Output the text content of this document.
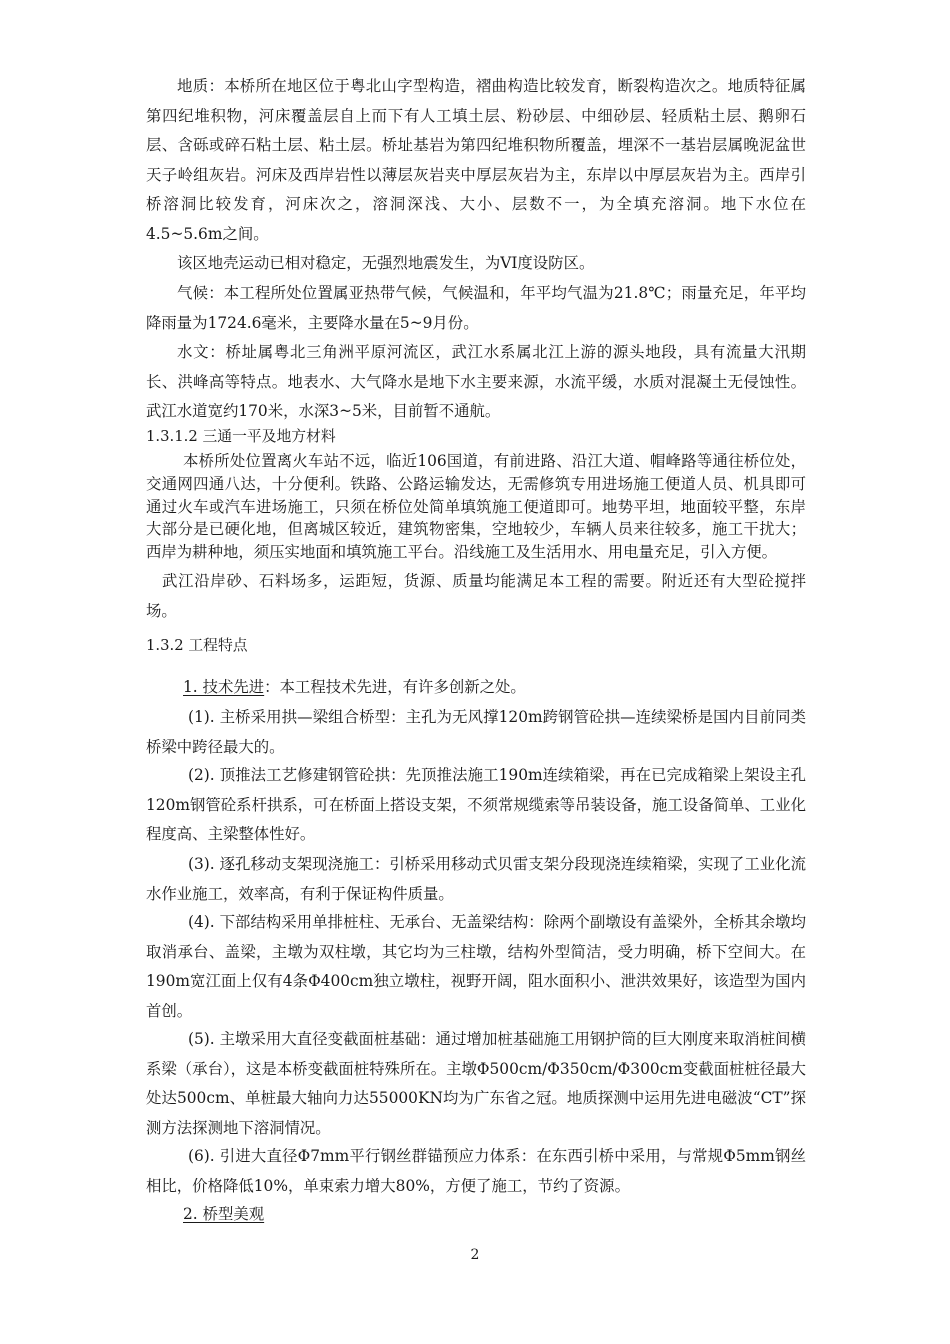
地质：本桥所在地区位于粤北山字型构造，褶曲构造比较发育，断裂构造次之。地质特征属第四纪堆积物，河床覆盖层自上而下有人工填土层、粉砂层、中细砂层、轻质粘土层、鹅卵石层、含砾或碎石粘土层、粘土层。桥址基岩为第四纪堆积物所覆盖，埋深不一基岩层属晚泥盆世天子岭组灰岩。河床及西岸岩性以薄层灰岩夹中厚层灰岩为主，东岸以中厚层灰岩为主。西岸引桥溶洞比较发育，河床次之，溶洞深浅、大小、层数不一，为全填充溶洞。地下水位在4.5~5.6m之间。

该区地壳运动已相对稳定，无强烈地震发生，为VI度设防区。

气候：本工程所处位置属亚热带气候，气候温和，年平均气温为21.8℃；雨量充足，年平均降雨量为1724.6毫米，主要降水量在5~9月份。

水文：桥址属粤北三角洲平原河流区，武江水系属北江上游的源头地段，具有流量大汛期长、洪峰高等特点。地表水、大气降水是地下水主要来源，水流平缓，水质对混凝土无侵蚀性。武江水道宽约170米，水深3~5米，目前暂不通航。

1.3.1.2 三通一平及地方材料

本桥所处位置离火车站不远，临近106国道，有前进路、沿江大道、帽峰路等通往桥位处，交通网四通八达，十分便利。铁路、公路运输发达，无需修筑专用进场施工便道人员、机具即可通过火车或汽车进场施工，只须在桥位处简单填筑施工便道即可。地势平坦，地面较平整，东岸大部分是已硬化地，但离城区较近，建筑物密集，空地较少，车辆人员来往较多，施工干扰大；西岸为耕种地，须压实地面和填筑施工平台。沿线施工及生活用水、用电量充足，引入方便。

武江沿岸砂、石料场多，运距短，货源、质量均能满足本工程的需要。附近还有大型砼搅拌场。

1.3.2 工程特点
1. 技术先进：本工程技术先进，有许多创新之处。

(1). 主桥采用拱—梁组合桥型：主孔为无风撑120m跨钢管砼拱—连续梁桥是国内目前同类桥梁中跨径最大的。

(2). 顶推法工艺修建钢管砼拱：先顶推法施工190m连续箱梁，再在已完成箱梁上架设主孔120m钢管砼系杆拱系，可在桥面上搭设支架，不须常规缆索等吊装设备，施工设备简单、工业化程度高、主梁整体性好。

(3). 逐孔移动支架现浇施工：引桥采用移动式贝雷支架分段现浇连续箱梁，实现了工业化流水作业施工，效率高，有利于保证构件质量。

(4). 下部结构采用单排桩柱、无承台、无盖梁结构：除两个副墩设有盖梁外，全桥其余墩均取消承台、盖梁，主墩为双柱墩，其它均为三柱墩，结构外型简洁，受力明确，桥下空间大。在190m宽江面上仅有4条Φ400cm独立墩柱，视野开阔，阻水面积小、泄洪效果好，该造型为国内首创。

(5). 主墩采用大直径变截面桩基础：通过增加桩基础施工用钢护筒的巨大刚度来取消桩间横系梁（承台），这是本桥变截面桩特殊所在。主墩Φ500cm/Φ350cm/Φ300cm变截面桩桩径最大处达500cm、单桩最大轴向力达55000KN均为广东省之冠。地质探测中运用先进电磁波“CT”探测方法探测地下溶洞情况。

(6). 引进大直径Φ7mm平行钢丝群锚预应力体系：在东西引桥中采用，与常规Φ5mm钢丝相比，价格降低10%，单束索力增大80%，方便了施工，节约了资源。

2. 桥型美观
2
